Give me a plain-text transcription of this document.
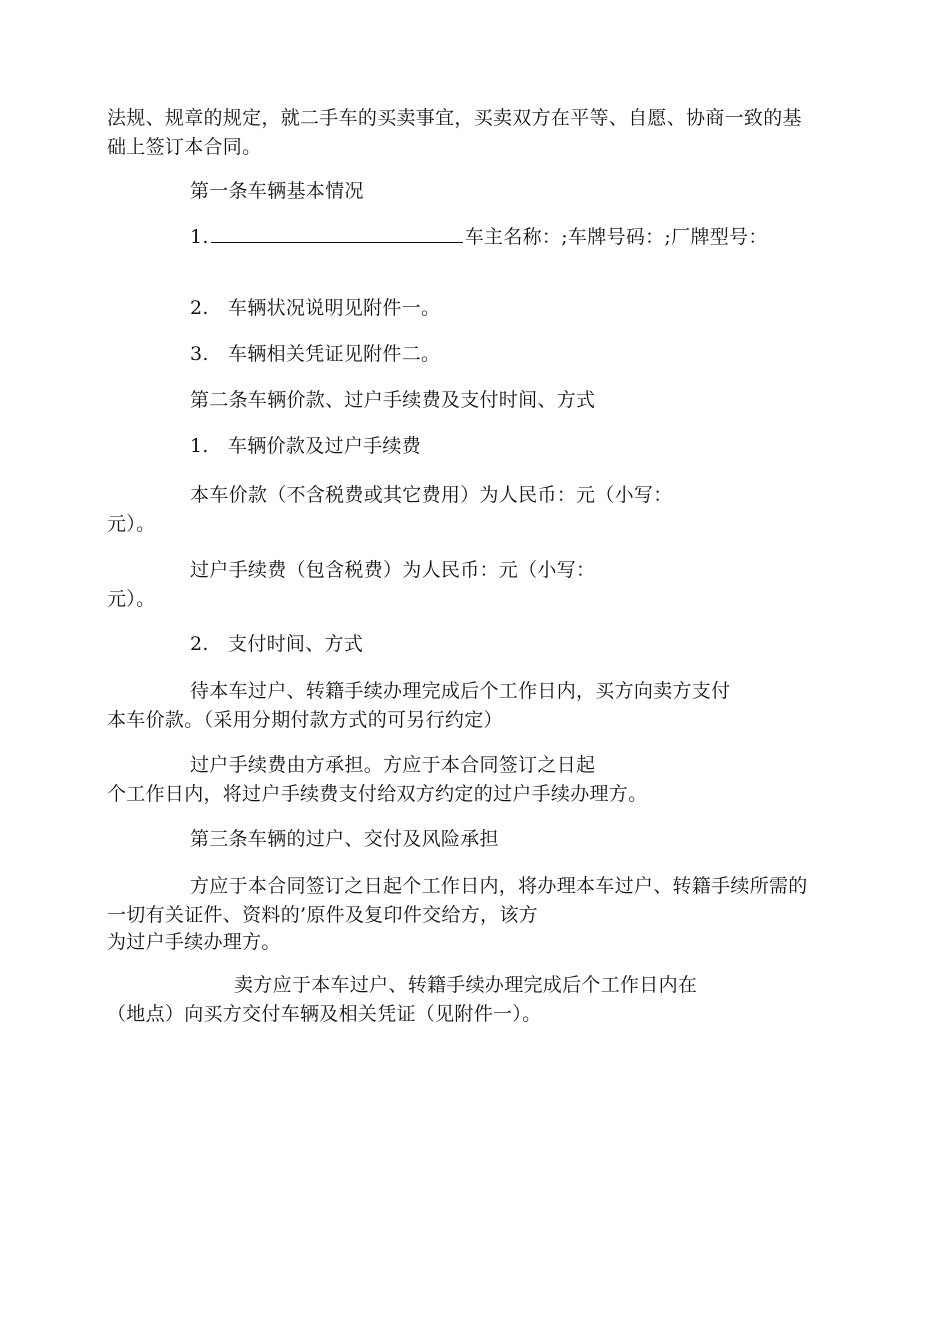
法规、规章的规定，就二手车的买卖事宜，买卖双方在平等、自愿、协商一致的基
础上签订本合同。
第一条车辆基本情况
1.	车主名称：;车牌号码：;厂牌型号：
2.　车辆状况说明见附件一。
3.　车辆相关凭证见附件二。
第二条车辆价款、过户手续费及支付时间、方式
1.　车辆价款及过户手续费
本车价款（不含税费或其它费用）为人民币：元（小写：
元）。
过户手续费（包含税费）为人民币：元（小写：
元）。
2.　支付时间、方式
待本车过户、转籍手续办理完成后个工作日内，买方向卖方支付
本车价款。（采用分期付款方式的可另行约定）
过户手续费由方承担。方应于本合同签订之日起
个工作日内，将过户手续费支付给双方约定的过户手续办理方。
第三条车辆的过户、交付及风险承担
方应于本合同签订之日起个工作日内，将办理本车过户、转籍手续所需的
一切有关证件、资料的’原件及复印件交给方，该方
为过户手续办理方。
卖方应于本车过户、转籍手续办理完成后个工作日内在
（地点）向买方交付车辆及相关凭证（见附件一）。
